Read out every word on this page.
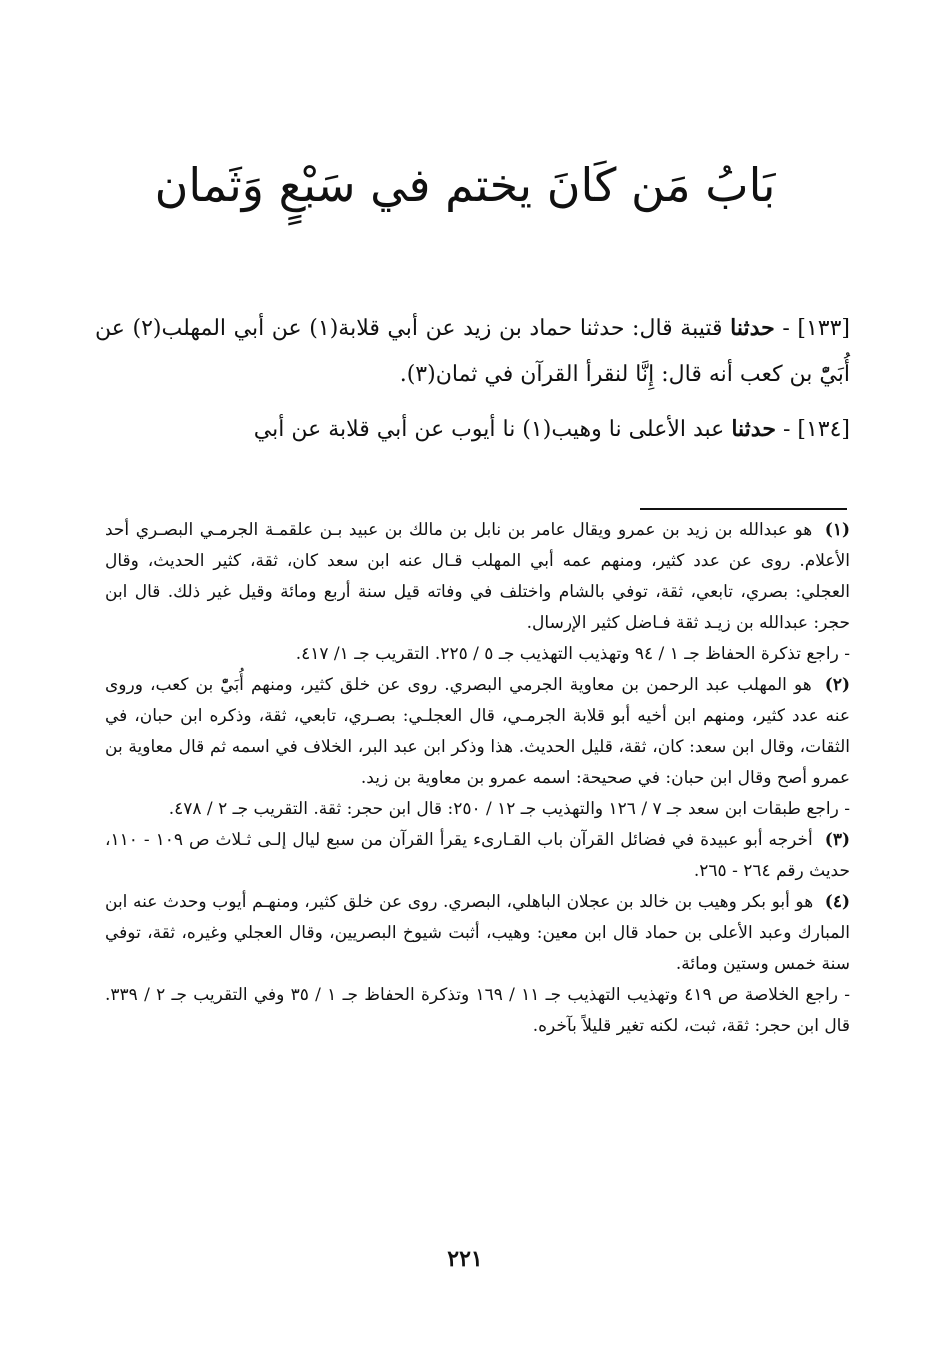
بَابُ مَن كَانَ يختم في سَبْعٍ وَثَمان

[١٣٣] - حدثنا قتيبة قال: حدثنا حماد بن زيد عن أبي قلابة(١) عن أبي المهلب(٢) عن أُبَيّْ بن كعب أنه قال: إِنَّا لنقرأ القرآن في ثمان(٣).

[١٣٤] - حدثنا عبد الأعلى نا وهيب(١) نا أيوب عن أبي قلابة عن أبي

(١) هو عبدالله بن زيد بن عمرو ويقال عامر بن نابل بن مالك بن عبيد بـن علقمـة الجرمـي البصـري أحد الأعلام. روى عن عدد كثير، ومنهم عمه أبي المهلب قـال عنه ابن سعد كان، ثقة، كثير الحديث، وقال العجلي: بصري، تابعي، ثقة، توفي بالشام واختلف في وفاته قيل سنة أربع ومائة وقيل غير ذلك. قال ابن حجر: عبدالله بن زيـد ثقة فـاضل كثير الإرسال.

- راجع تذكرة الحفاظ جـ ١ / ٩٤ وتهذيب التهذيب جـ ٥ / ٢٢٥. التقريب جـ ١/ ٤١٧.

(٢) هو المهلب عبد الرحمن بن معاوية الجرمي البصري. روى عن خلق كثير، ومنهم أُبَيّْ بن كعب، وروى عنه عدد كثير، ومنهم ابن أخيه أبو قلابة الجرمـي، قال العجلـي: بصـري، تابعي، ثقة، وذكره ابن حبان، في الثقات، وقال ابن سعد: كان، ثقة، قليل الحديث. هذا وذكر ابن عبد البر، الخلاف في اسمه ثم قال معاوية بن عمرو أصح وقال ابن حبان: في صحيحة: اسمه عمرو بن معاوية بن زيد.

- راجع طبقات ابن سعد جـ ٧ / ١٢٦ والتهذيب جـ ١٢ / ٢٥٠: قال ابن حجر: ثقة. التقريب جـ ٢ / ٤٧٨.

(٣) أخرجه أبو عبيدة في فضائل القرآن باب القـارىء يقرأ القرآن من سبع ليال إلـى ثـلاث ص ١٠٩ - ١١٠، حديث رقم ٢٦٤ - ٢٦٥.

(٤) هو أبو بكر وهيب بن خالد بن عجلان الباهلي، البصري. روى عن خلق كثير، ومنهـم أيوب وحدث عنه ابن المبارك وعبد الأعلى بن حماد قال ابن معين: وهيب، أثبت شيوخ البصريين، وقال العجلي وغيره، ثقة، توفي سنة خمس وستين ومائة.

- راجع الخلاصة ص ٤١٩ وتهذيب التهذيب جـ ١١ / ١٦٩ وتذكرة الحفاظ جـ ١ / ٣٥ وفي التقريب جـ ٢ / ٣٣٩. قال ابن حجر: ثقة، ثبت، لكنه تغير قليلاً بآخره.

٢٢١
